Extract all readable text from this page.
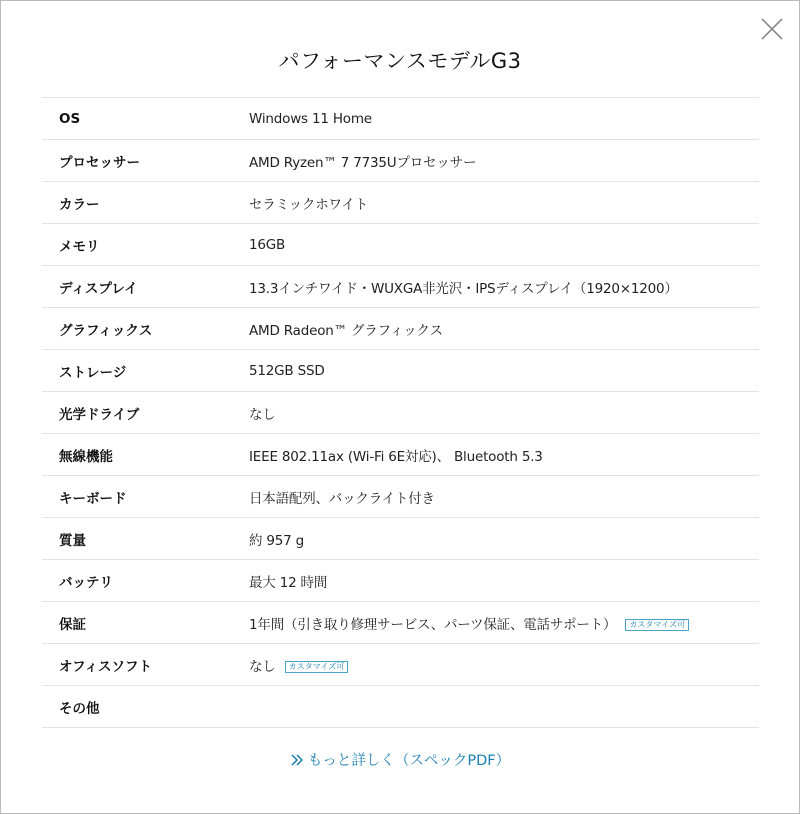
パフォーマンスモデルG3
OS	Windows 11 Home
プロセッサー	AMD Ryzen™ 7 7735Uプロセッサー
カラー	セラミックホワイト
メモリ	16GB
ディスプレイ	13.3インチワイド・WUXGA非光沢・IPSディスプレイ（1920×1200）
グラフィックス	AMD Radeon™ グラフィックス
ストレージ	512GB SSD
光学ドライブ	なし
無線機能	IEEE 802.11ax (Wi-Fi 6E対応)、 Bluetooth 5.3
キーボード	日本語配列、バックライト付き
質量	約 957 g
バッテリ	最大 12 時間
保証	1年間（引き取り修理サービス、パーツ保証、電話サポート） カスタマイズ可
オフィスソフト	なし カスタマイズ可
その他	
もっと詳しく（スペックPDF）
